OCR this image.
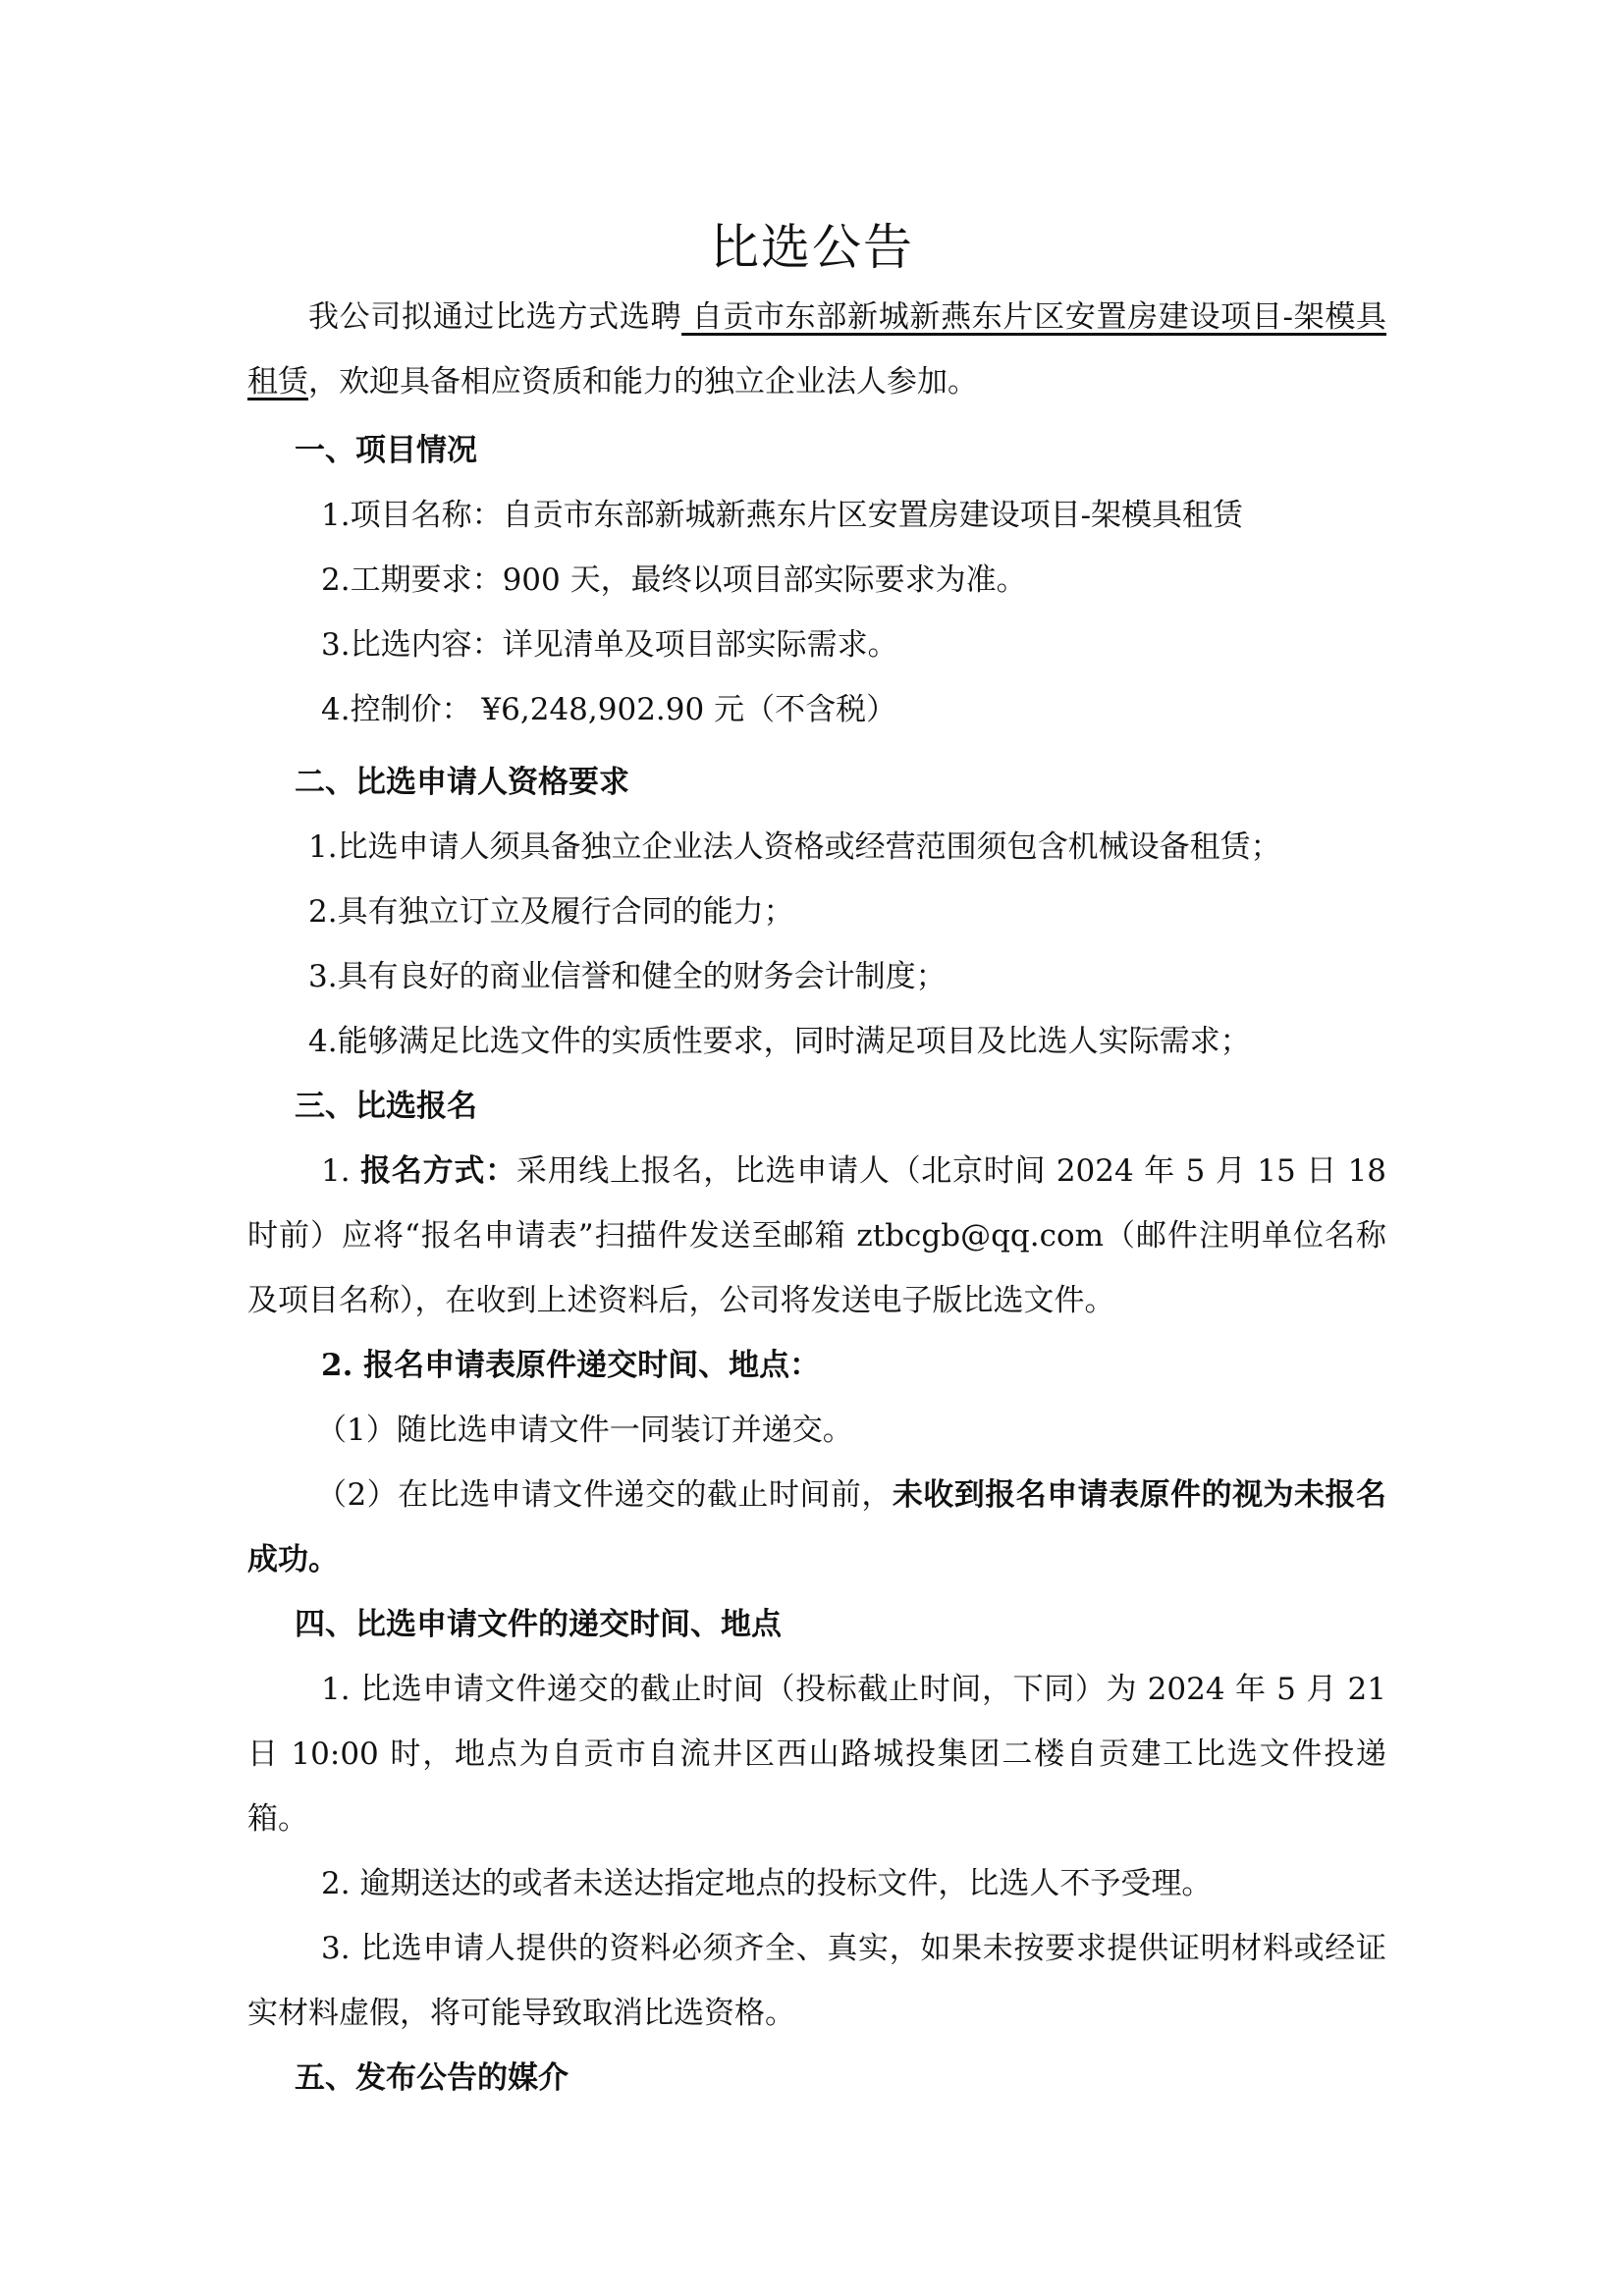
比选公告

我公司拟通过比选方式选聘 自贡市东部新城新燕东片区安置房建设项目-架模具租赁，欢迎具备相应资质和能力的独立企业法人参加。

一、项目情况

1.项目名称：自贡市东部新城新燕东片区安置房建设项目-架模具租赁

2.工期要求：900 天，最终以项目部实际要求为准。

3.比选内容：详见清单及项目部实际需求。

4.控制价： ¥6,248,902.90 元（不含税）

二、比选申请人资格要求

1.比选申请人须具备独立企业法人资格或经营范围须包含机械设备租赁；

2.具有独立订立及履行合同的能力；

3.具有良好的商业信誉和健全的财务会计制度；

4.能够满足比选文件的实质性要求，同时满足项目及比选人实际需求；

三、比选报名

1. 报名方式：采用线上报名，比选申请人（北京时间 2024 年 5 月 15 日 18 时前）应将“报名申请表”扫描件发送至邮箱 ztbcgb@qq.com（邮件注明单位名称及项目名称），在收到上述资料后，公司将发送电子版比选文件。

2. 报名申请表原件递交时间、地点：

（1）随比选申请文件一同装订并递交。

（2）在比选申请文件递交的截止时间前，未收到报名申请表原件的视为未报名成功。

四、比选申请文件的递交时间、地点

1. 比选申请文件递交的截止时间（投标截止时间，下同）为 2024 年 5 月 21 日 10:00 时，地点为自贡市自流井区西山路城投集团二楼自贡建工比选文件投递箱。

2. 逾期送达的或者未送达指定地点的投标文件，比选人不予受理。

3. 比选申请人提供的资料必须齐全、真实，如果未按要求提供证明材料或经证实材料虚假，将可能导致取消比选资格。

五、发布公告的媒介
